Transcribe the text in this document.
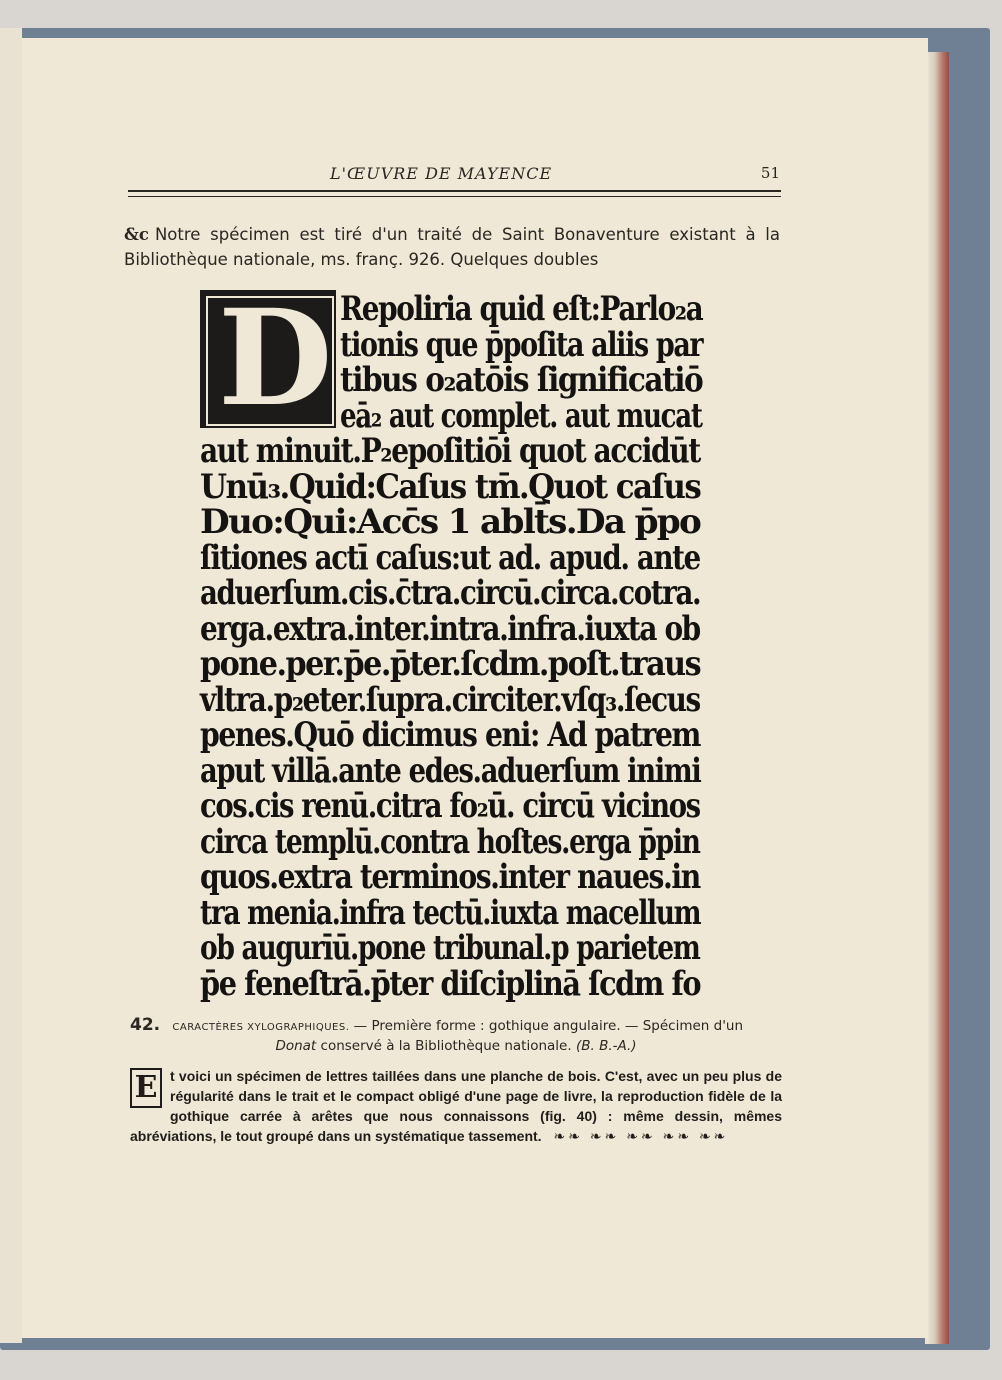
L'ŒUVRE DE MAYENCE	51
&c Notre spécimen est tiré d'un traité de Saint Bonaventure existant à la Bibliothèque nationale, ms. franç. 926. Quelques doubles
D Repoliria quid eſt:Parlo₂a
tionis que p̄poſita aliis par
tibus o₂atōis ſignificatiō
eā₂ aut complet. aut mucat
aut minuit.P₂epoſitiōi quot accidūt
Unū₃.Quid:Caſus tm̄.Quot caſus
Duo:Qui:Acc̄s 1 ablt̄s.Da p̄po
ſitiones actī caſus:ut ad. apud. ante
aduerſum.cis.c̄tra.circū.circa.cotra.
erga.extra.inter.intra.infra.iuxta ob
pone.per.p̄e.p̄ter.ſcdm.poſt.traus
vltra.p₂eter.ſupra.circiter.vſq₃.ſecus
penes.Quō dicimus eni: Ad patrem
aput villā.ante edes.aduerſum inimi
cos.cis renū.citra fo₂ū. circū vicinos
circa templū.contra hoſtes.erga p̄pin
quos.extra terminos.inter naues.in
tra menia.infra tectū.iuxta macellum
ob augurīū.pone tribunal.p parietem
p̄e feneſtrā.p̄ter diſciplinā ſcdm fo
42. CARACTÈRES XYLOGRAPHIQUES. — Première forme : gothique angulaire. — Spécimen d'un
Donat conservé à la Bibliothèque nationale. (B. B.-A.)
E t voici un spécimen de lettres taillées dans une planche de bois. C'est, avec un peu plus de régularité dans le trait et le compact obligé d'une page de livre, la reproduction fidèle de la gothique carrée à arêtes que nous connaissons (fig. 40) : même dessin, mêmes abréviations, le tout groupé dans un systématique tassement. ❧❧ ❧❧ ❧❧ ❧❧ ❧❧
